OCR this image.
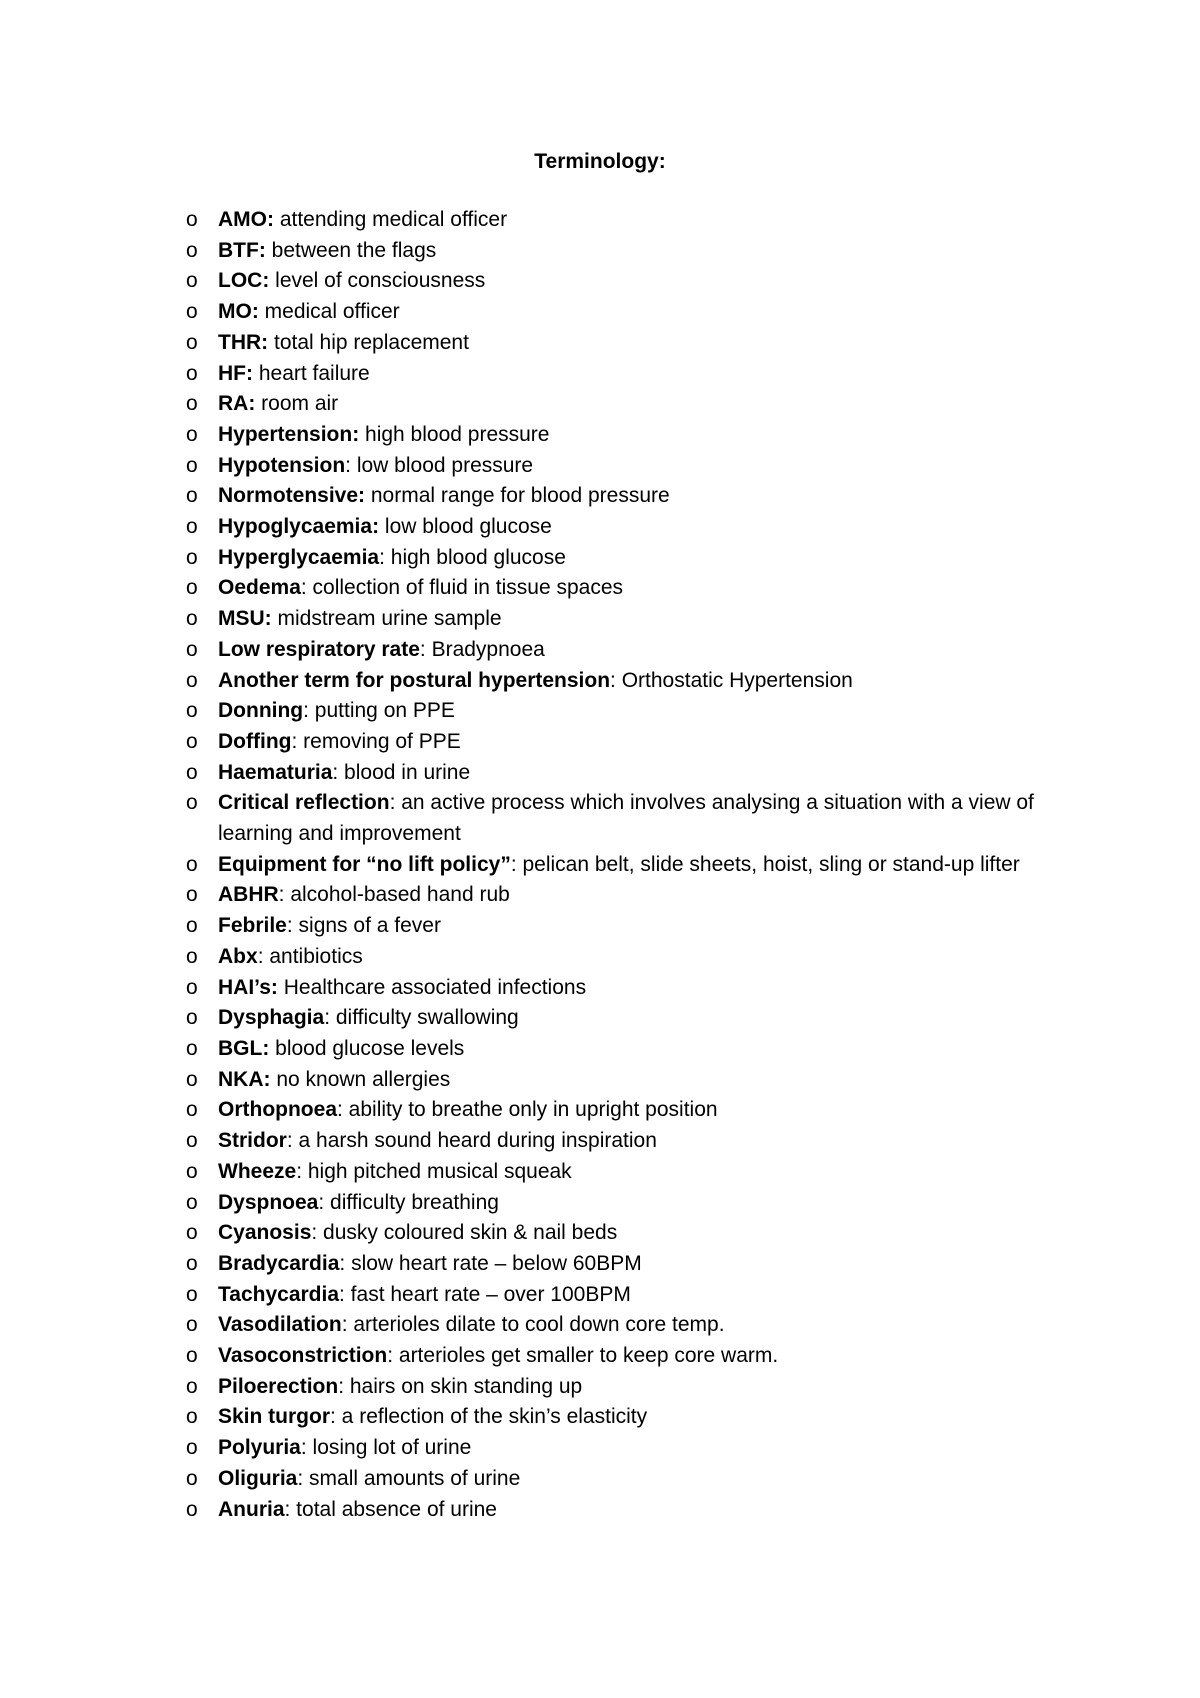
Terminology:
o AMO: attending medical officer
o BTF: between the flags
o LOC: level of consciousness
o MO: medical officer
o THR: total hip replacement
o HF: heart failure
o RA: room air
o Hypertension: high blood pressure
o Hypotension: low blood pressure
o Normotensive: normal range for blood pressure
o Hypoglycaemia: low blood glucose
o Hyperglycaemia: high blood glucose
o Oedema: collection of fluid in tissue spaces
o MSU: midstream urine sample
o Low respiratory rate: Bradypnoea
o Another term for postural hypertension: Orthostatic Hypertension
o Donning: putting on PPE
o Doffing: removing of PPE
o Haematuria: blood in urine
o Critical reflection: an active process which involves analysing a situation with a view of learning and improvement
o Equipment for “no lift policy”: pelican belt, slide sheets, hoist, sling or stand-up lifter
o ABHR: alcohol-based hand rub
o Febrile: signs of a fever
o Abx: antibiotics
o HAI’s: Healthcare associated infections
o Dysphagia: difficulty swallowing
o BGL: blood glucose levels
o NKA: no known allergies
o Orthopnoea: ability to breathe only in upright position
o Stridor: a harsh sound heard during inspiration
o Wheeze: high pitched musical squeak
o Dyspnoea: difficulty breathing
o Cyanosis: dusky coloured skin & nail beds
o Bradycardia: slow heart rate – below 60BPM
o Tachycardia: fast heart rate – over 100BPM
o Vasodilation: arterioles dilate to cool down core temp.
o Vasoconstriction: arterioles get smaller to keep core warm.
o Piloerection: hairs on skin standing up
o Skin turgor: a reflection of the skin’s elasticity
o Polyuria: losing lot of urine
o Oliguria: small amounts of urine
o Anuria: total absence of urine
